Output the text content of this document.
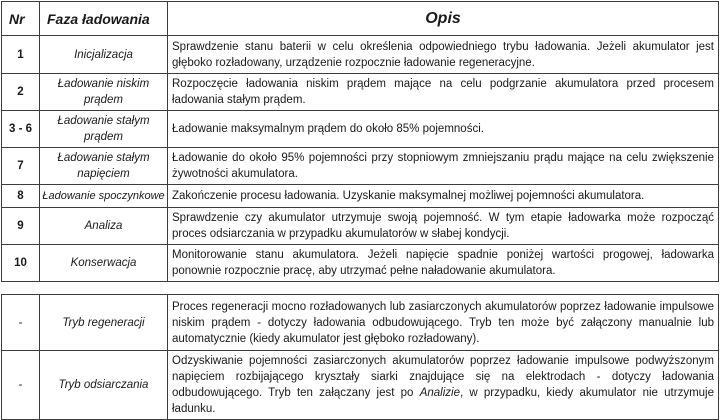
Nr	Faza ładowania	Opis
1	Inicjalizacja	Sprawdzenie stanu baterii w celu określenia odpowiedniego trybu ładowania. Jeżeli akumulator jest głęboko rozładowany, urządzenie rozpocznie ładowanie regeneracyjne.
2	Ładowanie niskim prądem	Rozpoczęcie ładowania niskim prądem mające na celu podgrzanie akumulatora przed procesem ładowania stałym prądem.
3 - 6	Ładowanie stałym prądem	Ładowanie maksymalnym prądem do około 85% pojemności.
7	Ładowanie stałym napięciem	Ładowanie do około 95% pojemności przy stopniowym zmniejszaniu prądu mające na celu zwiększenie żywotności akumulatora.
8	Ładowanie spoczynkowe	Zakończenie procesu ładowania. Uzyskanie maksymalnej możliwej pojemności akumulatora.
9	Analiza	Sprawdzenie czy akumulator utrzymuje swoją pojemność. W tym etapie ładowarka może rozpocząć proces odsiarczania w przypadku akumulatorów w słabej kondycji.
10	Konserwacja	Monitorowanie stanu akumulatora. Jeżeli napięcie spadnie poniżej wartości progowej, ładowarka ponownie rozpocznie pracę, aby utrzymać pełne naładowanie akumulatora.
-	Tryb regeneracji	Proces regeneracji mocno rozładowanych lub zasiarczonych akumulatorów poprzez ładowanie impulsowe niskim prądem - dotyczy ładowania odbudowującego. Tryb ten może być załączony manualnie lub automatycznie (kiedy akumulator jest głęboko rozładowany).
-	Tryb odsiarczania	Odzyskiwanie pojemności zasiarczonych akumulatorów poprzez ładowanie impulsowe podwyższonym napięciem rozbijającego kryształy siarki znajdujące się na elektrodach - dotyczy ładowania odbudowującego. Tryb ten załączany jest po Analizie, w przypadku, kiedy akumulator nie utrzymuje ładunku.
